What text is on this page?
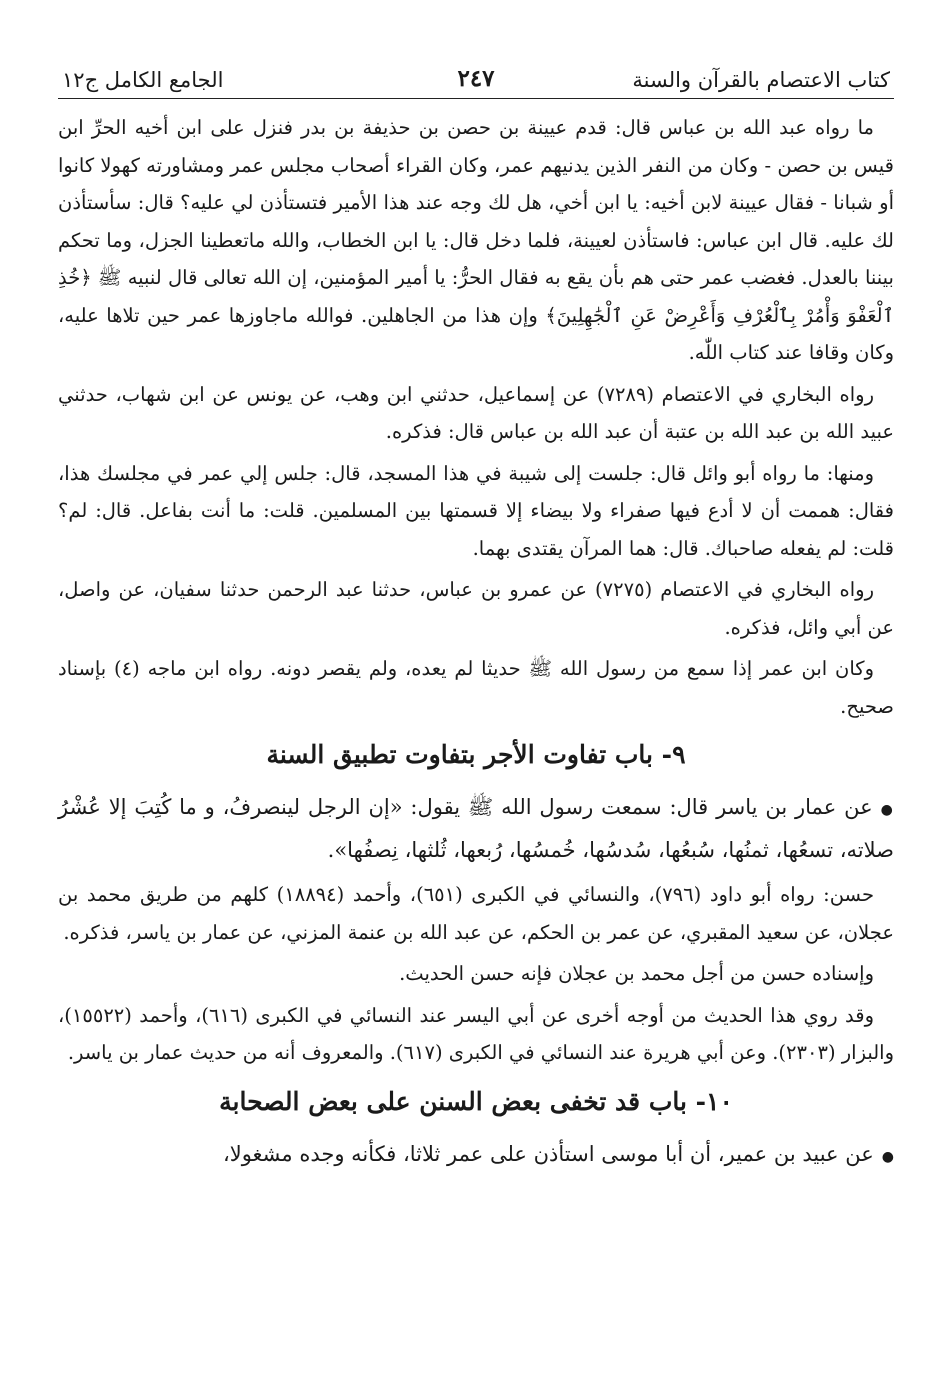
كتاب الاعتصام بالقرآن والسنة
٢٤٧
الجامع الكامل ج١٢

ما رواه عبد الله بن عباس قال: قدم عيينة بن حصن بن حذيفة بن بدر فنزل على ابن أخيه الحرِّ ابن قيس بن حصن - وكان من النفر الذين يدنيهم عمر، وكان القراء أصحاب مجلس عمر ومشاورته كهولا كانوا أو شبانا - فقال عيينة لابن أخيه: يا ابن أخي، هل لك وجه عند هذا الأمير فتستأذن لي عليه؟ قال: سأستأذن لك عليه. قال ابن عباس: فاستأذن لعيينة، فلما دخل قال: يا ابن الخطاب، والله ماتعطينا الجزل، وما تحكم بيننا بالعدل. فغضب عمر حتى هم بأن يقع به فقال الحرُّ: يا أمير المؤمنين، إن الله تعالى قال لنبيه ﷺ ﴿خُذِ ٱلْعَفْوَ وَأْمُرْ بِٱلْعُرْفِ وَأَعْرِضْ عَنِ ٱلْجَٰهِلِينَ﴾ وإن هذا من الجاهلين. فوالله ماجاوزها عمر حين تلاها عليه، وكان وقافا عند كتاب اللّٰه.

رواه البخاري في الاعتصام (٧٢٨٩) عن إسماعيل، حدثني ابن وهب، عن يونس عن ابن شهاب، حدثني عبيد الله بن عبد الله بن عتبة أن عبد الله بن عباس قال: فذكره.

ومنها: ما رواه أبو وائل قال: جلست إلى شيبة في هذا المسجد، قال: جلس إلي عمر في مجلسك هذا، فقال: هممت أن لا أدع فيها صفراء ولا بيضاء إلا قسمتها بين المسلمين. قلت: ما أنت بفاعل. قال: لم؟ قلت: لم يفعله صاحباك. قال: هما المرآن يقتدى بهما.

رواه البخاري في الاعتصام (٧٢٧٥) عن عمرو بن عباس، حدثنا عبد الرحمن حدثنا سفيان، عن واصل، عن أبي وائل، فذكره.

وكان ابن عمر إذا سمع من رسول الله ﷺ حديثا لم يعده، ولم يقصر دونه. رواه ابن ماجه (٤) بإسناد صحيح.

٩- باب تفاوت الأجر بتفاوت تطبيق السنة

●عن عمار بن ياسر قال: سمعت رسول الله ﷺ يقول: «إن الرجل لينصرفُ، و ما كُتِبَ إلا عُشْرُ صلاته، تسعُها، ثمنُها، سُبعُها، سُدسُها، خُمسُها، رُبعها، ثُلثها، نِصفُها».

حسن: رواه أبو داود (٧٩٦)، والنسائي في الكبرى (٦٥١)، وأحمد (١٨٨٩٤) كلهم من طريق محمد بن عجلان، عن سعيد المقبري، عن عمر بن الحكم، عن عبد الله بن عنمة المزني، عن عمار بن ياسر، فذكره.

وإسناده حسن من أجل محمد بن عجلان فإنه حسن الحديث.

وقد روي هذا الحديث من أوجه أخرى عن أبي اليسر عند النسائي في الكبرى (٦١٦)، وأحمد (١٥٥٢٢)، والبزار (٢٣٠٣). وعن أبي هريرة عند النسائي في الكبرى (٦١٧). والمعروف أنه من حديث عمار بن ياسر.

١٠- باب قد تخفى بعض السنن على بعض الصحابة

●عن عبيد بن عمير، أن أبا موسى استأذن على عمر ثلاثا، فكأنه وجده مشغولا،
